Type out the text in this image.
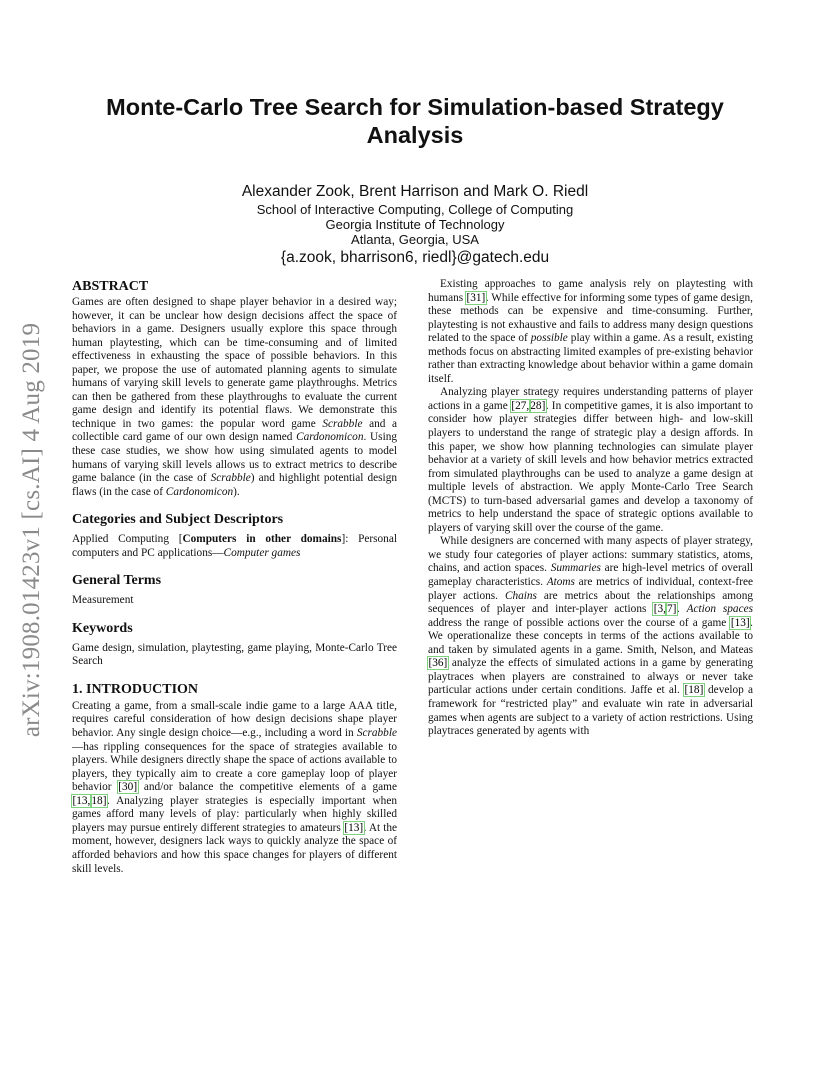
arXiv:1908.01423v1 [cs.AI] 4 Aug 2019
Monte-Carlo Tree Search for Simulation-based Strategy Analysis
Alexander Zook, Brent Harrison and Mark O. Riedl
School of Interactive Computing, College of Computing
Georgia Institute of Technology
Atlanta, Georgia, USA
{a.zook, bharrison6, riedl}@gatech.edu
ABSTRACT

Games are often designed to shape player behavior in a desired way; however, it can be unclear how design decisions affect the space of behaviors in a game. Designers usually explore this space through human playtesting, which can be time-consuming and of limited effectiveness in exhausting the space of possible behaviors. In this paper, we propose the use of automated planning agents to simulate humans of varying skill levels to generate game playthroughs. Metrics can then be gathered from these playthroughs to evaluate the current game design and identify its potential flaws. We demonstrate this technique in two games: the popular word game Scrabble and a collectible card game of our own design named Cardonomicon. Using these case studies, we show how using simulated agents to model humans of varying skill levels allows us to extract metrics to describe game balance (in the case of Scrabble) and highlight potential design flaws (in the case of Cardonomicon).

Categories and Subject Descriptors

Applied Computing [Computers in other domains]: Personal computers and PC applications—Computer games

General Terms

Measurement

Keywords

Game design, simulation, playtesting, game playing, Monte-Carlo Tree Search

1. INTRODUCTION

Creating a game, from a small-scale indie game to a large AAA title, requires careful consideration of how design decisions shape player behavior. Any single design choice—e.g., including a word in Scrabble—has rippling consequences for the space of strategies available to players. While designers directly shape the space of actions available to players, they typically aim to create a core gameplay loop of player behavior [30] and/or balance the competitive elements of a game [13,18]. Analyzing player strategies is especially important when games afford many levels of play: particularly when highly skilled players may pursue entirely different strategies to amateurs [13]. At the moment, however, designers lack ways to quickly analyze the space of afforded behaviors and how this space changes for players of different skill levels.

Existing approaches to game analysis rely on playtesting with humans [31]. While effective for informing some types of game design, these methods can be expensive and time-consuming. Further, playtesting is not exhaustive and fails to address many design questions related to the space of possible play within a game. As a result, existing methods focus on abstracting limited examples of pre-existing behavior rather than extracting knowledge about behavior within a game domain itself.

Analyzing player strategy requires understanding patterns of player actions in a game [27,28]. In competitive games, it is also important to consider how player strategies differ between high- and low-skill players to understand the range of strategic play a design affords. In this paper, we show how planning technologies can simulate player behavior at a variety of skill levels and how behavior metrics extracted from simulated playthroughs can be used to analyze a game design at multiple levels of abstraction. We apply Monte-Carlo Tree Search (MCTS) to turn-based adversarial games and develop a taxonomy of metrics to help understand the space of strategic options available to players of varying skill over the course of the game.

While designers are concerned with many aspects of player strategy, we study four categories of player actions: summary statistics, atoms, chains, and action spaces. Summaries are high-level metrics of overall gameplay characteristics. Atoms are metrics of individual, context-free player actions. Chains are metrics about the relationships among sequences of player and inter-player actions [3,7]. Action spaces address the range of possible actions over the course of a game [13]. We operationalize these concepts in terms of the actions available to and taken by simulated agents in a game. Smith, Nelson, and Mateas [36] analyze the effects of simulated actions in a game by generating playtraces when players are constrained to always or never take particular actions under certain conditions. Jaffe et al. [18] develop a framework for “restricted play” and evaluate win rate in adversarial games when agents are subject to a variety of action restrictions. Using playtraces generated by agents with
